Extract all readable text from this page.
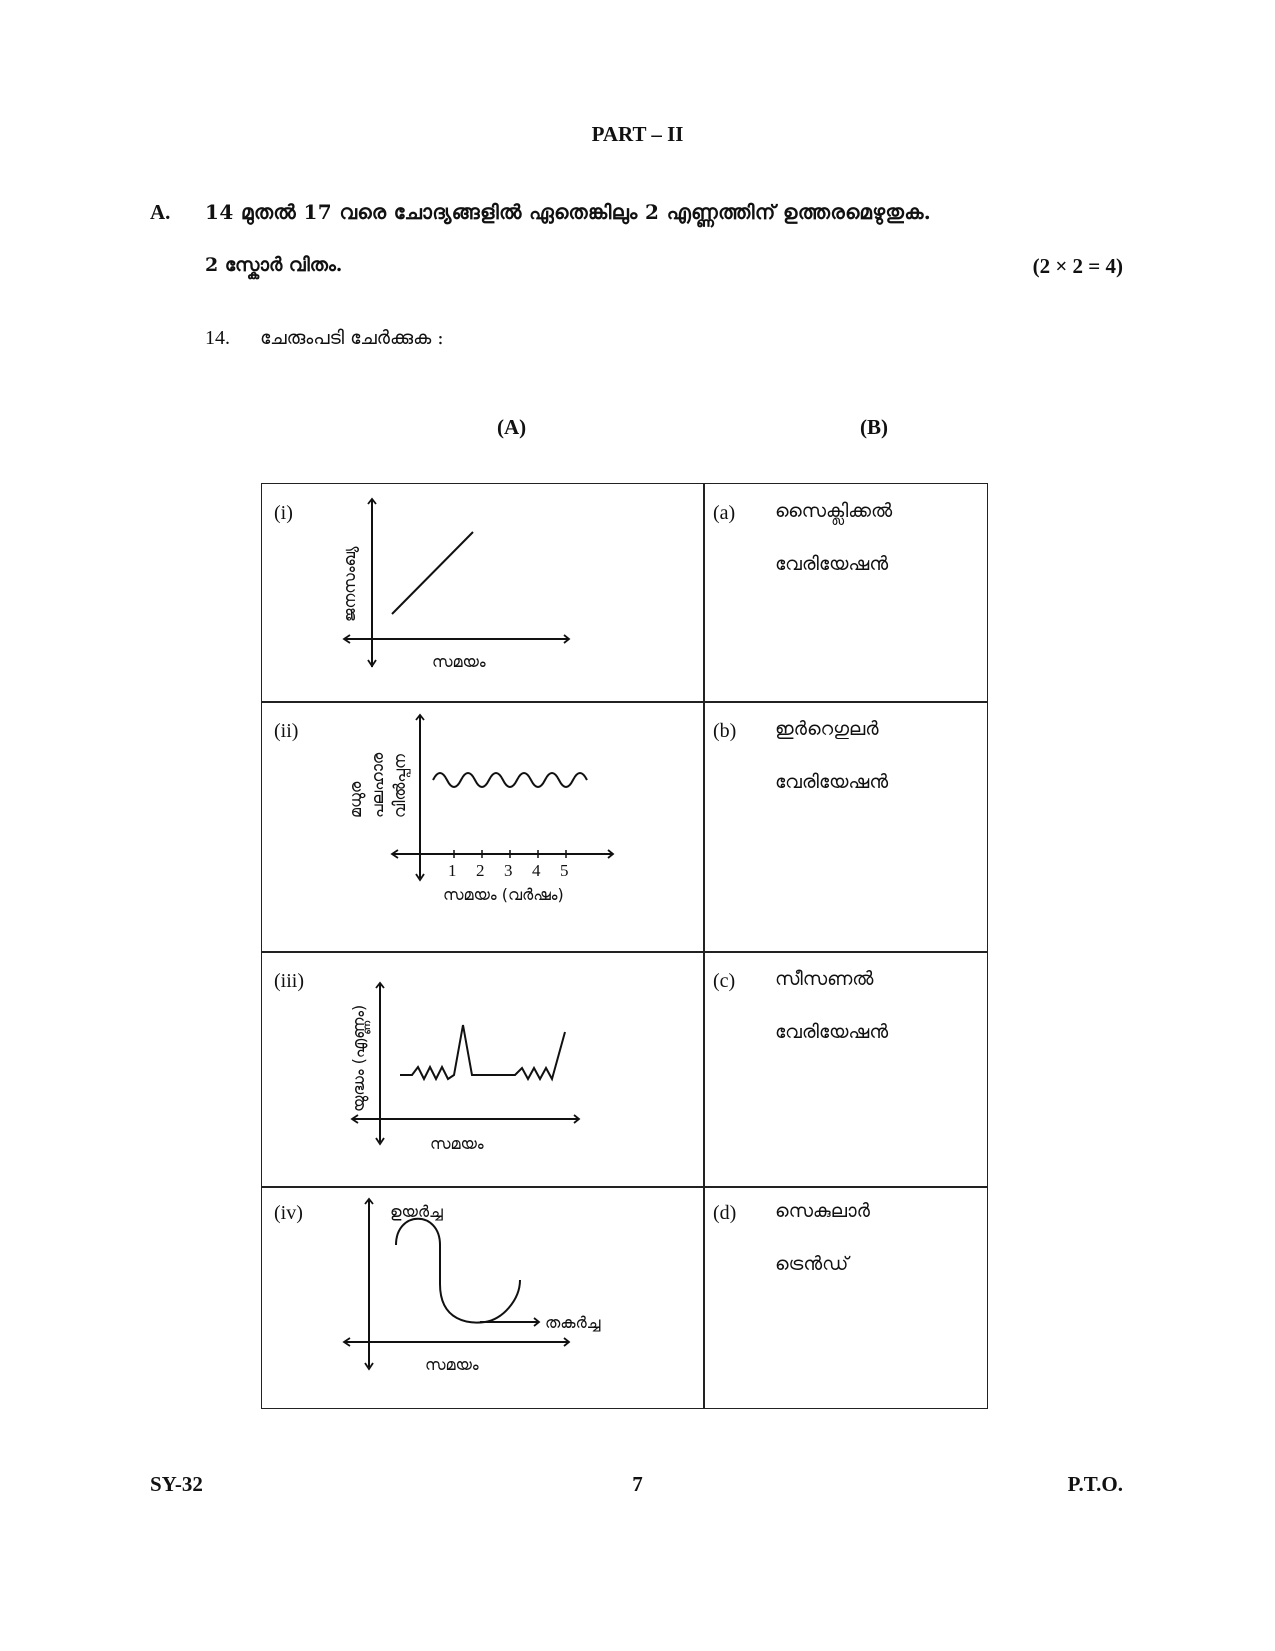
PART – II
A. 14 മുതൽ 17 വരെ ചോദ്യങ്ങളിൽ ഏതെങ്കിലും 2 എണ്ണത്തിന് ഉത്തരമെഴുതുക.
2 സ്കോർ വിതം.	(2 × 2 = 4)
14. ചേരുംപടി ചേർക്കുക :
(A)	(B)
(i)
ജനസംഖ്യ
സമയം
(a) സൈക്ലിക്കൽ
വേരിയേഷൻ
(ii)
1 2 3 4 5
സമയം (വർഷം)
മധുര പലഹാര വിൽപ്പന
(b) ഇർറെഗുലർ
വേരിയേഷൻ
(iii)
യുദ്ധം (എണ്ണം)
സമയം
(c) സീസണൽ
വേരിയേഷൻ
(iv)	ഉയർച്ച
തകർച്ച
സമയം
(d) സെകുലാർ
ട്രെൻഡ്
SY-32	7	P.T.O.
